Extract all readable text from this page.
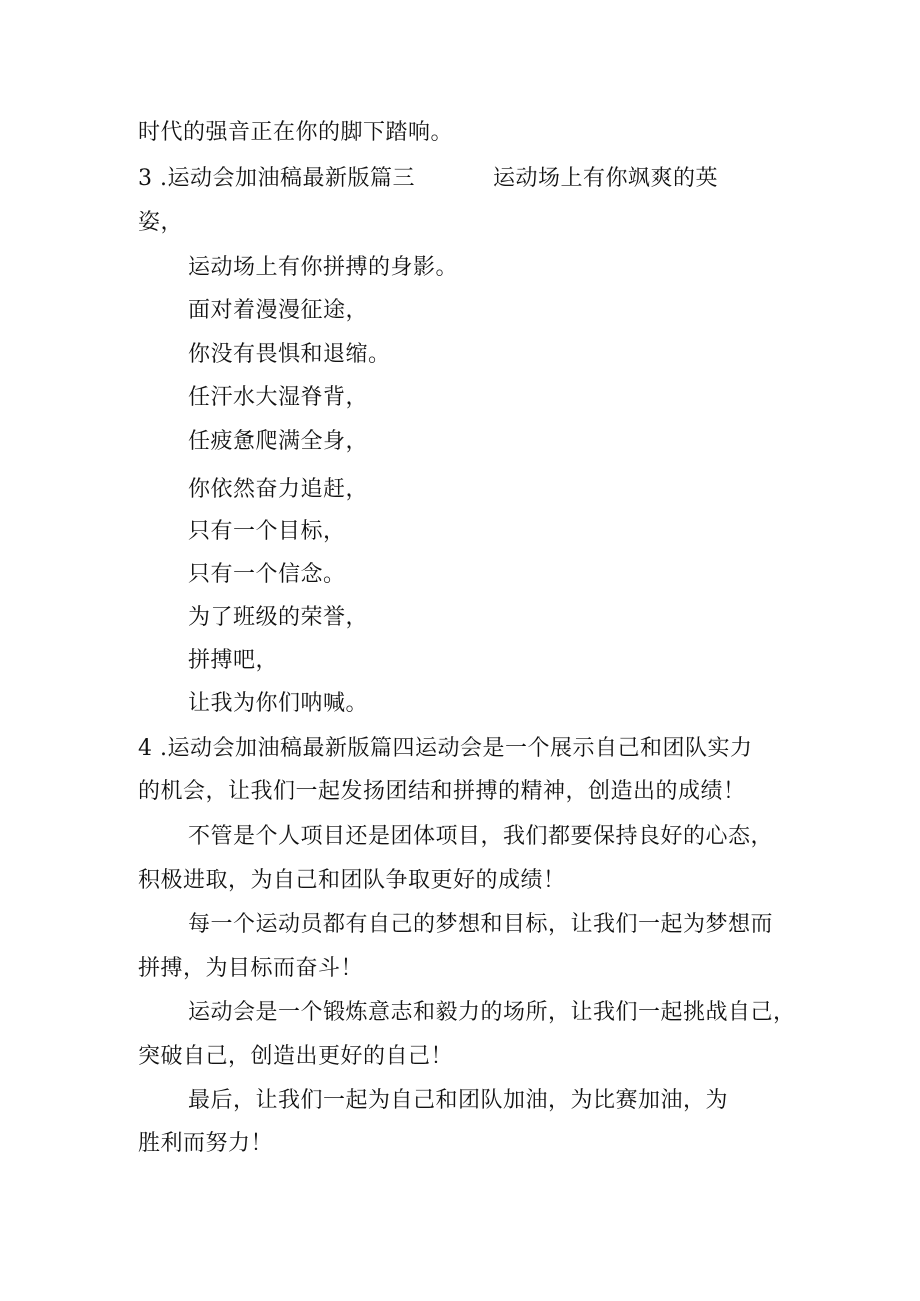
时代的强音正在你的脚下踏响。
3 .运动会加油稿最新版篇三	运动场上有你飒爽的英
姿，
运动场上有你拼搏的身影。
面对着漫漫征途，
你没有畏惧和退缩。
任汗水大湿脊背，
任疲惫爬满全身，
你依然奋力追赶，
只有一个目标，
只有一个信念。
为了班级的荣誉，
拼搏吧，
让我为你们呐喊。
4 .运动会加油稿最新版篇四运动会是一个展示自己和团队实力
的机会，让我们一起发扬团结和拼搏的精神，创造出的成绩！
不管是个人项目还是团体项目，我们都要保持良好的心态，
积极进取，为自己和团队争取更好的成绩！
每一个运动员都有自己的梦想和目标，让我们一起为梦想而
拼搏，为目标而奋斗！
运动会是一个锻炼意志和毅力的场所，让我们一起挑战自己，
突破自己，创造出更好的自己！
最后，让我们一起为自己和团队加油，为比赛加油，为
胜利而努力！
